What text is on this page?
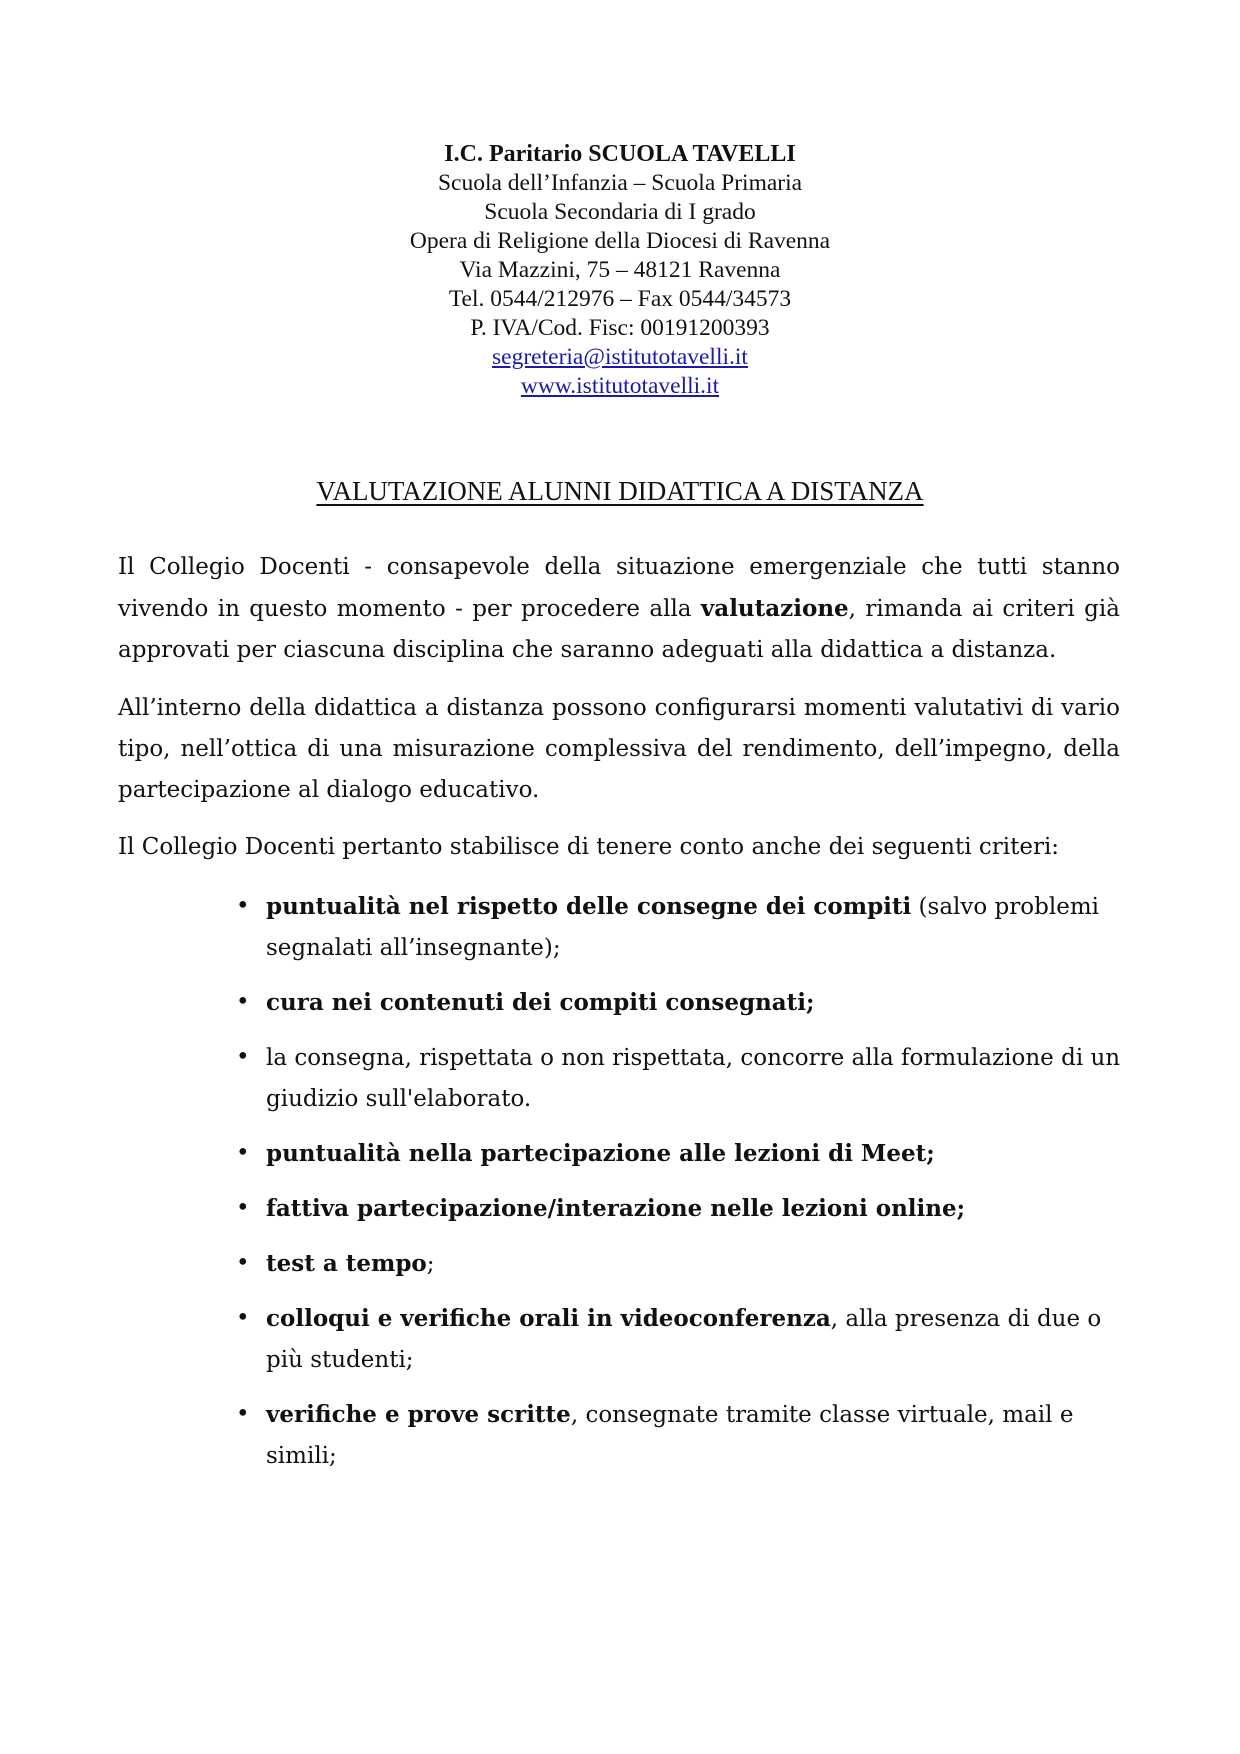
I.C. Paritario SCUOLA TAVELLI
Scuola dell’Infanzia – Scuola Primaria
Scuola Secondaria di I grado
Opera di Religione della Diocesi di Ravenna
Via Mazzini, 75 – 48121 Ravenna
Tel. 0544/212976 – Fax 0544/34573
P. IVA/Cod. Fisc: 00191200393
segreteria@istitutotavelli.it
www.istitutotavelli.it
VALUTAZIONE ALUNNI DIDATTICA A DISTANZA

Il Collegio Docenti - consapevole della situazione emergenziale che tutti stanno vivendo in questo momento - per procedere alla valutazione, rimanda ai criteri già approvati per ciascuna disciplina che saranno adeguati alla didattica a distanza.

All’interno della didattica a distanza possono configurarsi momenti valutativi di vario tipo, nell’ottica di una misurazione complessiva del rendimento, dell’impegno, della partecipazione al dialogo educativo.

Il Collegio Docenti pertanto stabilisce di tenere conto anche dei seguenti criteri:

• puntualità nel rispetto delle consegne dei compiti (salvo problemi segnalati all’insegnante);
• cura nei contenuti dei compiti consegnati;
• la consegna, rispettata o non rispettata, concorre alla formulazione di un giudizio sull'elaborato.
• puntualità nella partecipazione alle lezioni di Meet;
• fattiva partecipazione/interazione nelle lezioni online;
• test a tempo;
• colloqui e verifiche orali in videoconferenza, alla presenza di due o più studenti;
• verifiche e prove scritte, consegnate tramite classe virtuale, mail e simili;
